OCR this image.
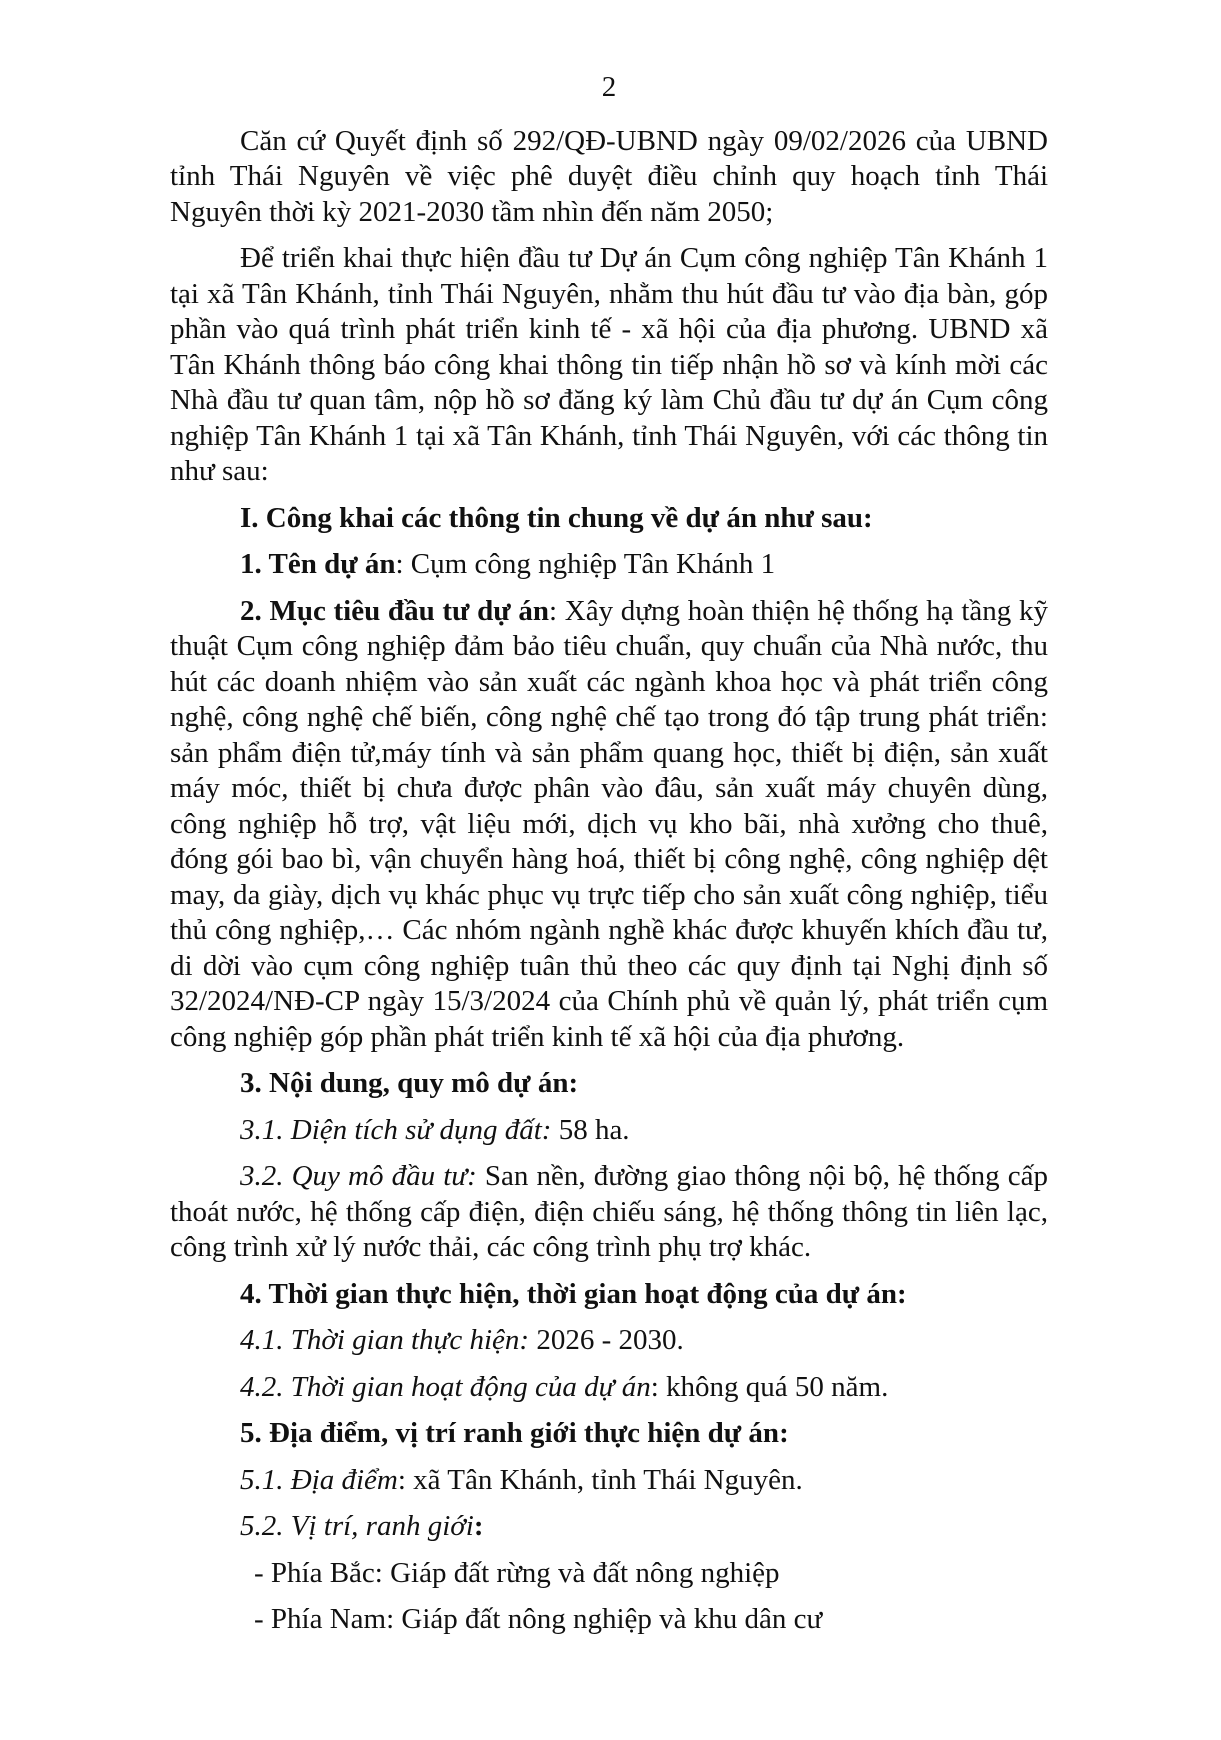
2

Căn cứ Quyết định số 292/QĐ-UBND ngày 09/02/2026 của UBND tỉnh Thái Nguyên về việc phê duyệt điều chỉnh quy hoạch tỉnh Thái Nguyên thời kỳ 2021-2030 tầm nhìn đến năm 2050;

Để triển khai thực hiện đầu tư Dự án Cụm công nghiệp Tân Khánh 1 tại xã Tân Khánh, tỉnh Thái Nguyên, nhằm thu hút đầu tư vào địa bàn, góp phần vào quá trình phát triển kinh tế - xã hội của địa phương. UBND xã Tân Khánh thông báo công khai thông tin tiếp nhận hồ sơ và kính mời các Nhà đầu tư quan tâm, nộp hồ sơ đăng ký làm Chủ đầu tư dự án Cụm công nghiệp Tân Khánh 1 tại xã Tân Khánh, tỉnh Thái Nguyên, với các thông tin như sau:

I. Công khai các thông tin chung về dự án như sau:

1. Tên dự án: Cụm công nghiệp Tân Khánh 1

2. Mục tiêu đầu tư dự án: Xây dựng hoàn thiện hệ thống hạ tầng kỹ thuật Cụm công nghiệp đảm bảo tiêu chuẩn, quy chuẩn của Nhà nước, thu hút các doanh nhiệm vào sản xuất các ngành khoa học và phát triển công nghệ, công nghệ chế biến, công nghệ chế tạo trong đó tập trung phát triển: sản phẩm điện tử,máy tính và sản phẩm quang học, thiết bị điện, sản xuất máy móc, thiết bị chưa được phân vào đâu, sản xuất máy chuyên dùng, công nghiệp hỗ trợ, vật liệu mới, dịch vụ kho bãi, nhà xưởng cho thuê, đóng gói bao bì, vận chuyển hàng hoá, thiết bị công nghệ, công nghiệp dệt may, da giày, dịch vụ khác phục vụ trực tiếp cho sản xuất công nghiệp, tiểu thủ công nghiệp,… Các nhóm ngành nghề khác được khuyến khích đầu tư, di dời vào cụm công nghiệp tuân thủ theo các quy định tại Nghị định số 32/2024/NĐ-CP ngày 15/3/2024 của Chính phủ về quản lý, phát triển cụm công nghiệp góp phần phát triển kinh tế xã hội của địa phương.

3. Nội dung, quy mô dự án:

3.1. Diện tích sử dụng đất: 58 ha.

3.2. Quy mô đầu tư: San nền, đường giao thông nội bộ, hệ thống cấp thoát nước, hệ thống cấp điện, điện chiếu sáng, hệ thống thông tin liên lạc, công trình xử lý nước thải, các công trình phụ trợ khác.

4. Thời gian thực hiện, thời gian hoạt động của dự án:

4.1. Thời gian thực hiện: 2026 - 2030.

4.2. Thời gian hoạt động của dự án: không quá 50 năm.

5. Địa điểm, vị trí ranh giới thực hiện dự án:

5.1. Địa điểm: xã Tân Khánh, tỉnh Thái Nguyên.

5.2. Vị trí, ranh giới:

- Phía Bắc: Giáp đất rừng và đất nông nghiệp

- Phía Nam: Giáp đất nông nghiệp và khu dân cư
